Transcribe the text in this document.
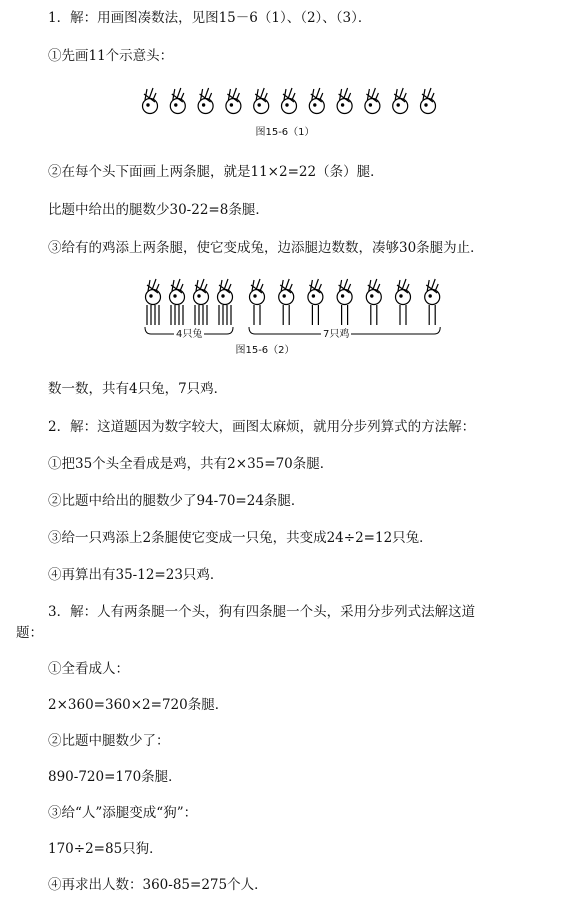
1．解：用画图凑数法，见图15－6（1）、（2）、（3）．
①先画11个示意头：
图15-6（1）
②在每个头下面画上两条腿，就是11×2=22（条）腿．
比题中给出的腿数少30-22=8条腿．
③给有的鸡添上两条腿，使它变成兔，边添腿边数数，凑够30条腿为止．
4只兔	7只鸡
图15-6（2）
数一数，共有4只兔，7只鸡．
2．解：这道题因为数字较大，画图太麻烦，就用分步列算式的方法解：
①把35个头全看成是鸡，共有2×35=70条腿．
②比题中给出的腿数少了94-70=24条腿．
③给一只鸡添上2条腿使它变成一只兔，共变成24÷2=12只兔．
④再算出有35-12=23只鸡．
3．解：人有两条腿一个头，狗有四条腿一个头，采用分步列式法解这道
题：
①全看成人：
2×360=360×2=720条腿．
②比题中腿数少了：
890-720=170条腿．
③给“人”添腿变成“狗”：
170÷2=85只狗．
④再求出人数：360-85=275个人．
